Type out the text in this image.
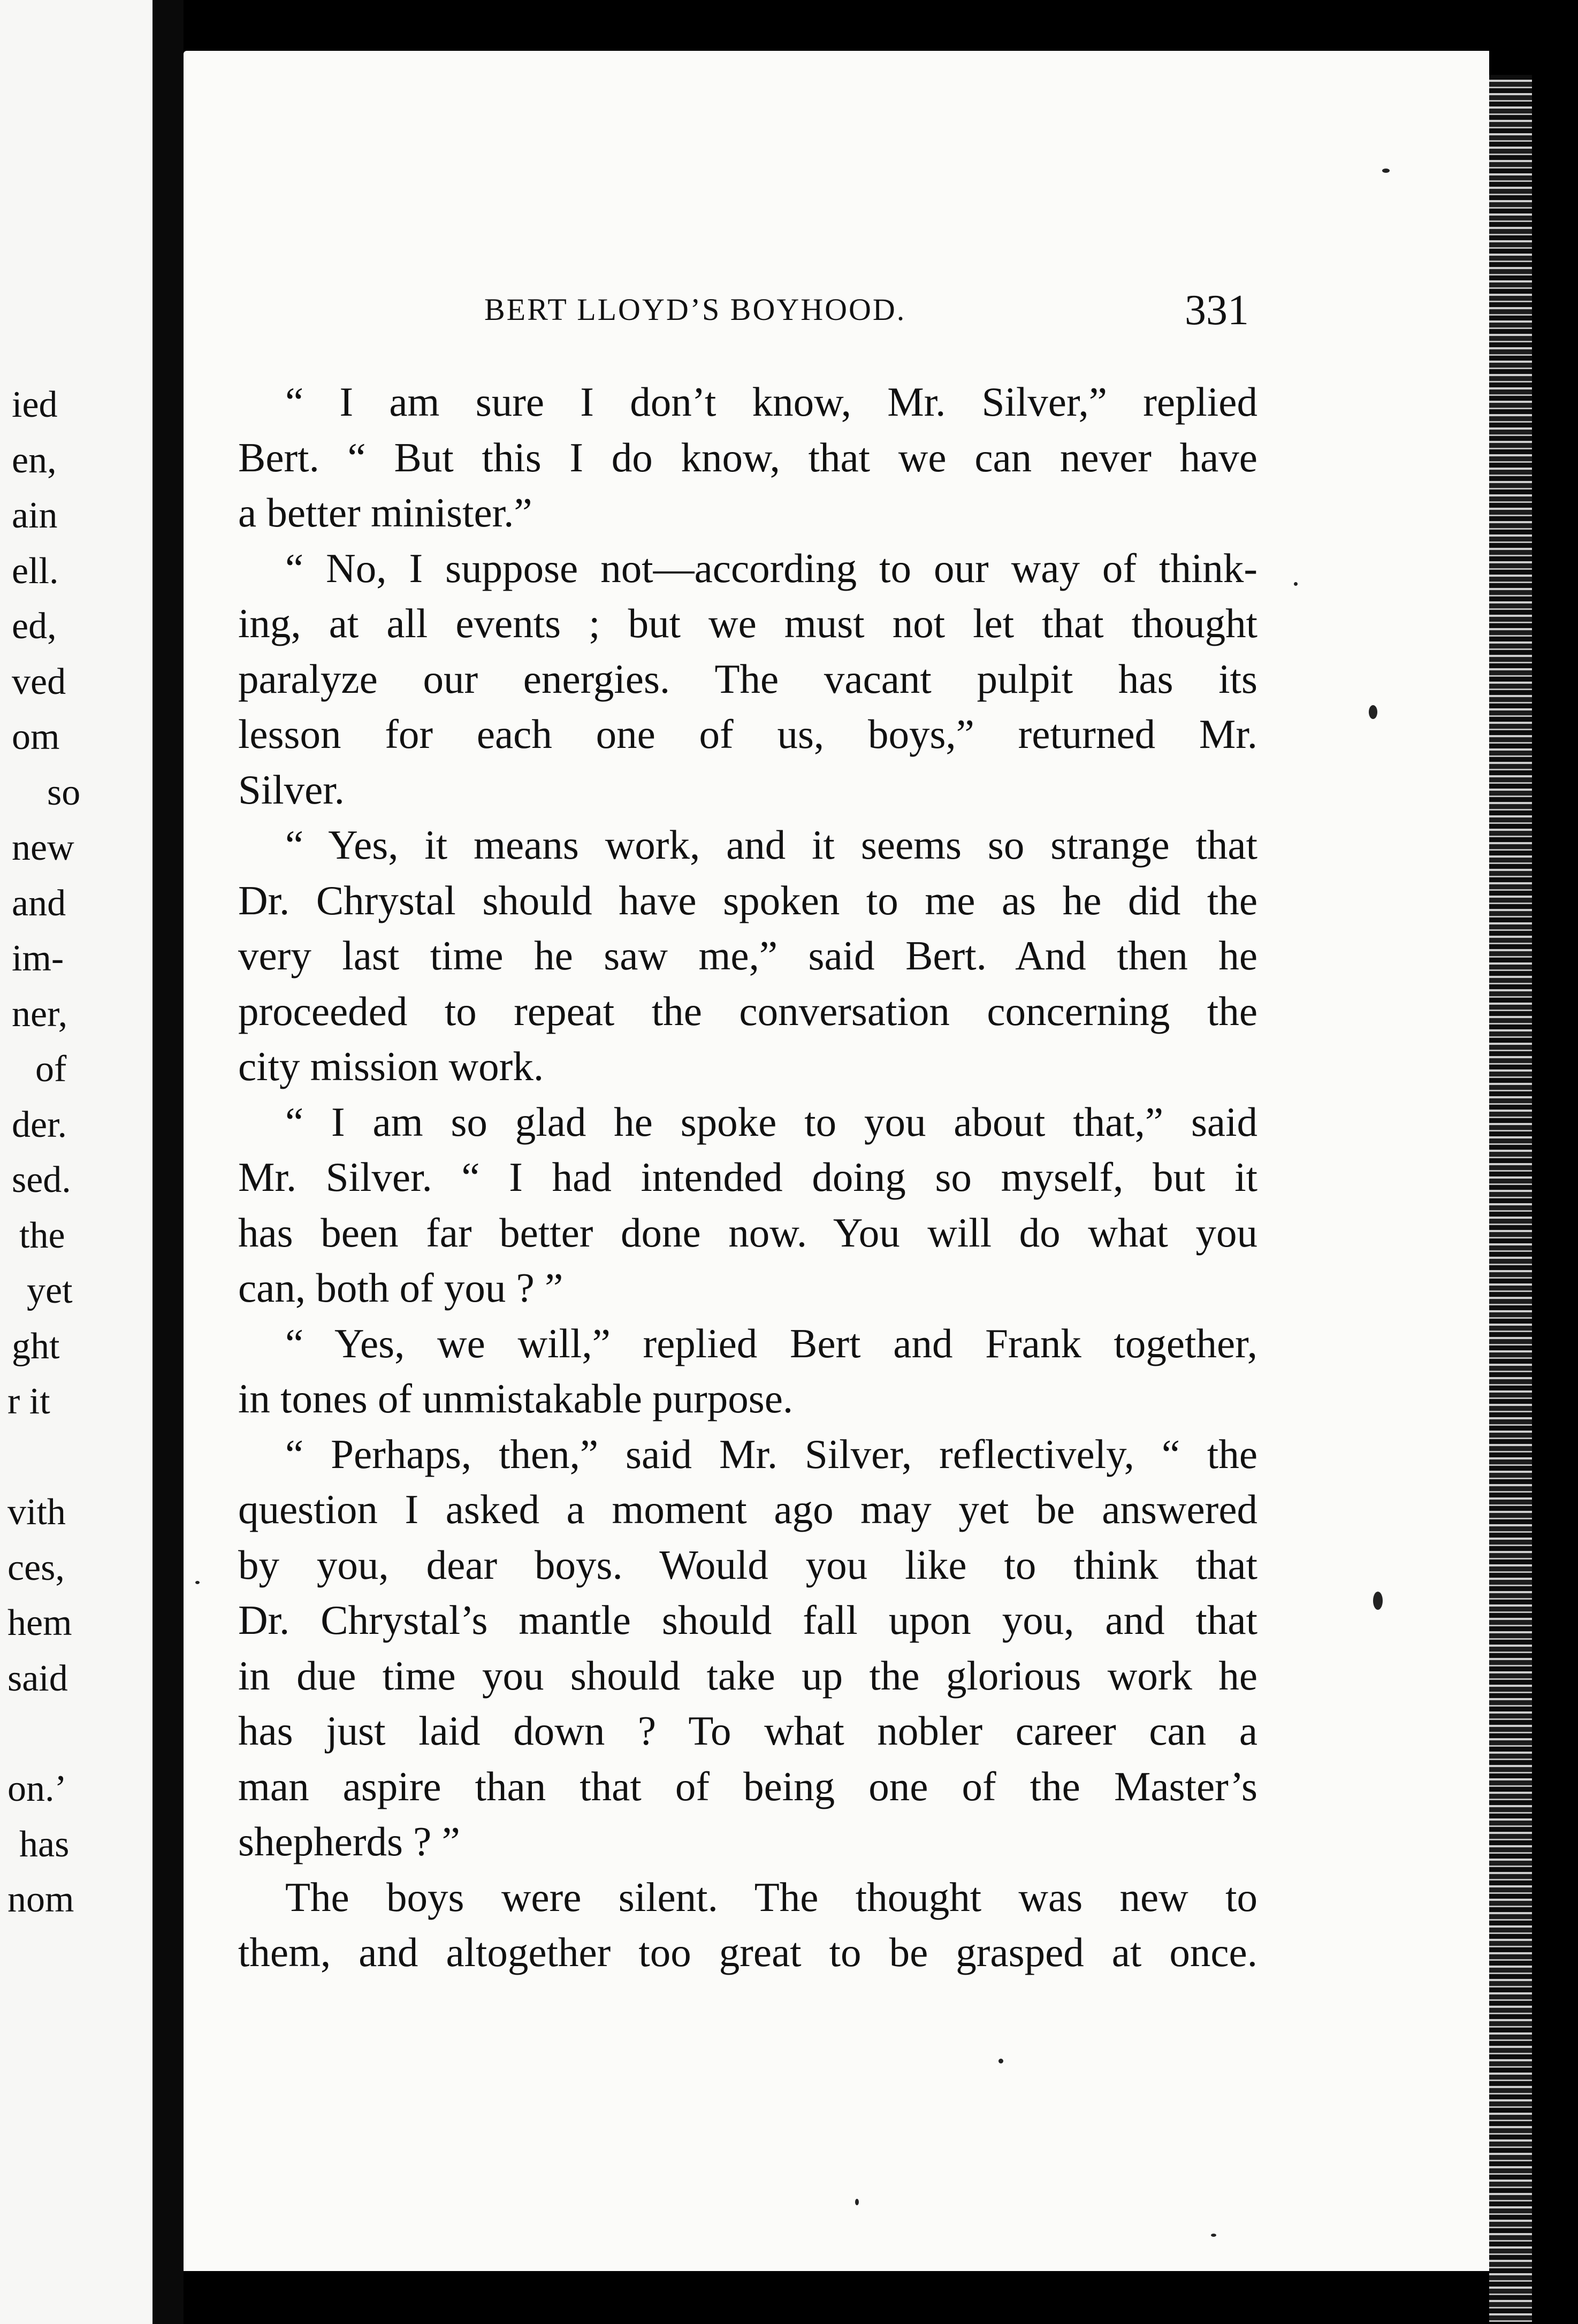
ied
en,
ain
ell.
ed,
ved
om
so
new
and
im-
ner,
of
der.
sed.
the
yet
ght
r it
vith
ces,
hem
said
on.’
has
nom
BERT LLOYD’S BOYHOOD.	331
“ I am sure I don’t know, Mr. Silver,” replied
Bert. “ But this I do know, that we can never have
a better minister.”
“ No, I suppose not—according to our way of think-
ing, at all events ; but we must not let that thought
paralyze our energies. The vacant pulpit has its
lesson for each one of us, boys,” returned Mr.
Silver.
“ Yes, it means work, and it seems so strange that
Dr. Chrystal should have spoken to me as he did the
very last time he saw me,” said Bert. And then he
proceeded to repeat the conversation concerning the
city mission work.
“ I am so glad he spoke to you about that,” said
Mr. Silver. “ I had intended doing so myself, but it
has been far better done now. You will do what you
can, both of you ? ”
“ Yes, we will,” replied Bert and Frank together,
in tones of unmistakable purpose.
“ Perhaps, then,” said Mr. Silver, reflectively, “ the
question I asked a moment ago may yet be answered
by you, dear boys. Would you like to think that
Dr. Chrystal’s mantle should fall upon you, and that
in due time you should take up the glorious work he
has just laid down ? To what nobler career can a
man aspire than that of being one of the Master’s
shepherds ? ”
The boys were silent. The thought was new to
them, and altogether too great to be grasped at once.
